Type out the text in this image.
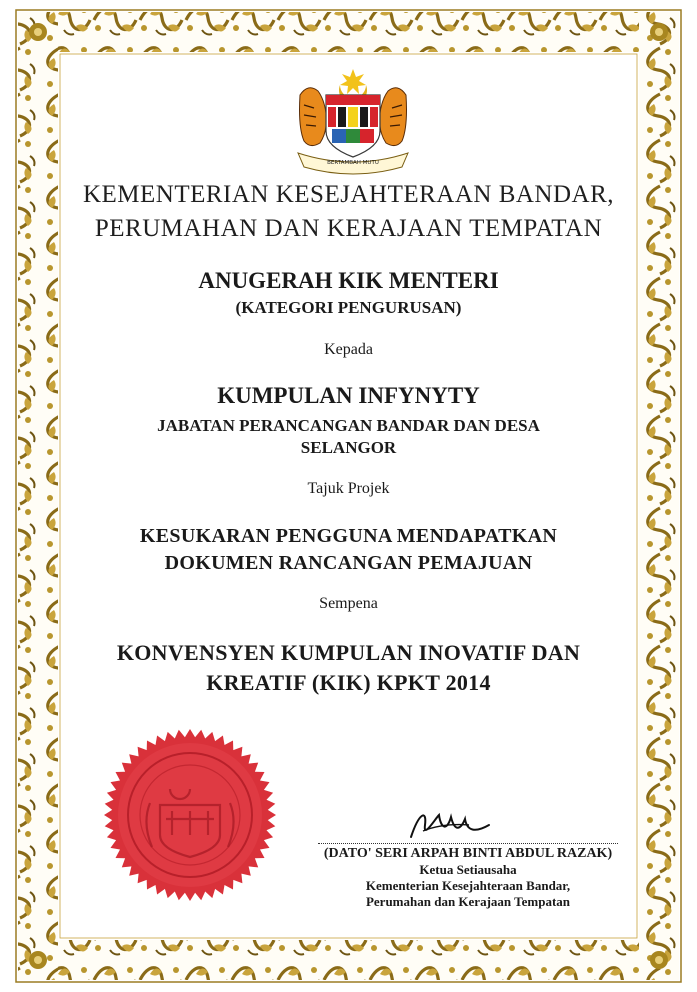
BERTAMBAH MUTU
KEMENTERIAN KESEJAHTERAAN BANDAR,
PERUMAHAN DAN KERAJAAN TEMPATAN
ANUGERAH KIK MENTERI
(KATEGORI PENGURUSAN)
Kepada
KUMPULAN INFYNYTY
JABATAN PERANCANGAN BANDAR DAN DESA
SELANGOR
Tajuk Projek
KESUKARAN PENGGUNA MENDAPATKAN
DOKUMEN RANCANGAN PEMAJUAN
Sempena
KONVENSYEN KUMPULAN INOVATIF DAN
KREATIF (KIK) KPKT 2014
(DATO' SERI ARPAH BINTI ABDUL RAZAK)
Ketua Setiausaha
Kementerian Kesejahteraan Bandar,
Perumahan dan Kerajaan Tempatan
